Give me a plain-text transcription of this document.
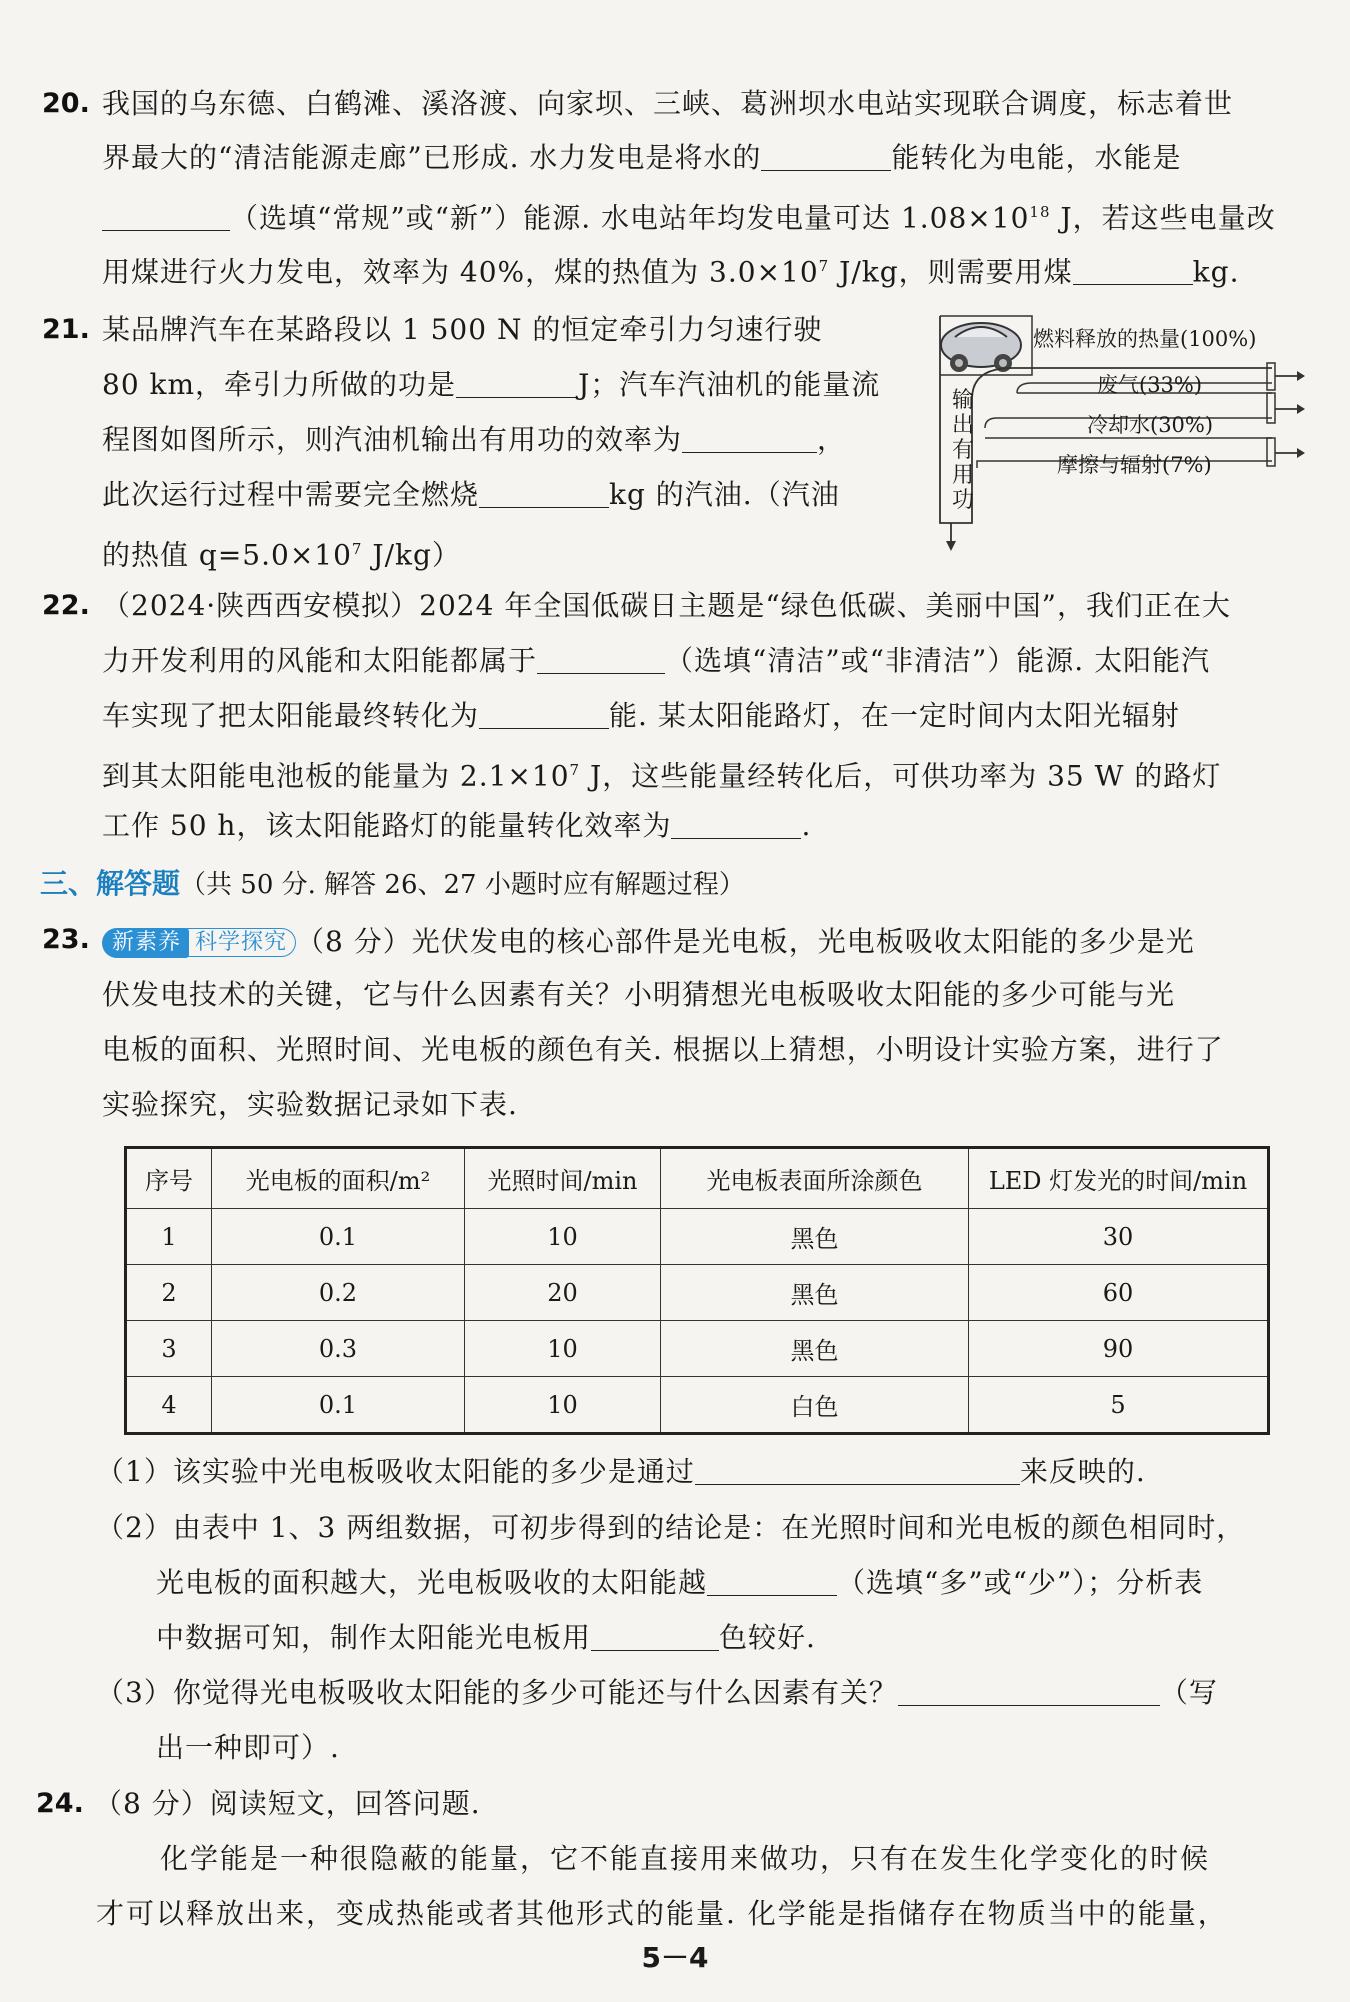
20. 我国的乌东德、白鹤滩、溪洛渡、向家坝、三峡、葛洲坝水电站实现联合调度，标志着世
界最大的“清洁能源走廊”已形成. 水力发电是将水的	能转化为电能，水能是
（选填“常规”或“新”）能源. 水电站年均发电量可达 $1.08\times 10^{18}$ J，若这些电量改
用煤进行火力发电，效率为 40%，煤的热值为 $3.0\times 10^7$ J/kg，则需要用煤	kg.
21. 某品牌汽车在某路段以 1 500 N 的恒定牵引力匀速行驶
80 km，牵引力所做的功是	J；汽车汽油机的能量流
程图如图所示，则汽油机输出有用功的效率为	，
此次运行过程中需要完全燃烧	kg 的汽油.（汽油
的热值 $q=5.0\times 10^7$ J/kg）
燃料释放的热量(100%)
废气(33%)
冷却水(30%)
摩擦与辐射(7%)
输出有用功
22. （2024·陕西西安模拟）2024 年全国低碳日主题是“绿色低碳、美丽中国”，我们正在大
力开发利用的风能和太阳能都属于	（选填“清洁”或“非清洁”）能源. 太阳能汽
车实现了把太阳能最终转化为	能. 某太阳能路灯，在一定时间内太阳光辐射
到其太阳能电池板的能量为 $2.1\times 10^7$ J，这些能量经转化后，可供功率为 35 W 的路灯
工作 50 h，该太阳能路灯的能量转化效率为	.
三、解答题（共 50 分. 解答 26、27 小题时应有解题过程）
23.	新素养 科学探究 （8 分）光伏发电的核心部件是光电板，光电板吸收太阳能的多少是光
伏发电技术的关键，它与什么因素有关？小明猜想光电板吸收太阳能的多少可能与光
电板的面积、光照时间、光电板的颜色有关. 根据以上猜想，小明设计实验方案，进行了
实验探究，实验数据记录如下表.
序号	光电板的面积/m²	光照时间/min	光电板表面所涂颜色	LED 灯发光的时间/min
1	0.1	10	黑色	30
2	0.2	20	黑色	60
3	0.3	10	黑色	90
4	0.1	10	白色	5
（1）该实验中光电板吸收太阳能的多少是通过	来反映的.
（2）由表中 1、3 两组数据，可初步得到的结论是：在光照时间和光电板的颜色相同时，
光电板的面积越大，光电板吸收的太阳能越	（选填“多”或“少”）；分析表
中数据可知，制作太阳能光电板用	色较好.
（3）你觉得光电板吸收太阳能的多少可能还与什么因素有关？	（写
出一种即可）.
24. （8 分）阅读短文，回答问题.
化学能是一种很隐蔽的能量，它不能直接用来做功，只有在发生化学变化的时候
才可以释放出来，变成热能或者其他形式的能量. 化学能是指储存在物质当中的能量，
5－4
